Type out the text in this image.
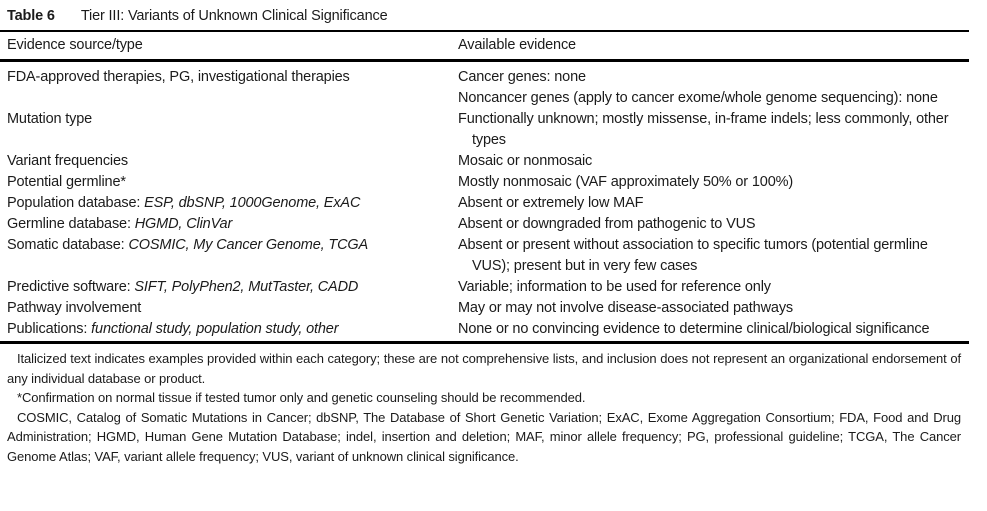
Table 6 Tier III: Variants of Unknown Clinical Significance
Evidence source/type	Available evidence

FDA-approved therapies, PG, investigational therapies	Cancer genes: none

Noncancer genes (apply to cancer exome/whole genome sequencing): none

Mutation type	Functionally unknown; mostly missense, in-frame indels; less commonly, other types

Variant frequencies	Mosaic or nonmosaic

Potential germline*	Mostly nonmosaic (VAF approximately 50% or 100%)

Population database: ESP, dbSNP, 1000Genome, ExAC	Absent or extremely low MAF

Germline database: HGMD, ClinVar	Absent or downgraded from pathogenic to VUS

Somatic database: COSMIC, My Cancer Genome, TCGA	Absent or present without association to specific tumors (potential germline VUS); present but in very few cases

Predictive software: SIFT, PolyPhen2, MutTaster, CADD	Variable; information to be used for reference only

Pathway involvement	May or may not involve disease-associated pathways

Publications: functional study, population study, other	None or no convincing evidence to determine clinical/biological significance

Italicized text indicates examples provided within each category; these are not comprehensive lists, and inclusion does not represent an organizational endorsement of any individual database or product.

*Confirmation on normal tissue if tested tumor only and genetic counseling should be recommended.

COSMIC, Catalog of Somatic Mutations in Cancer; dbSNP, The Database of Short Genetic Variation; ExAC, Exome Aggregation Consortium; FDA, Food and Drug Administration; HGMD, Human Gene Mutation Database; indel, insertion and deletion; MAF, minor allele frequency; PG, professional guideline; TCGA, The Cancer Genome Atlas; VAF, variant allele frequency; VUS, variant of unknown clinical significance.
